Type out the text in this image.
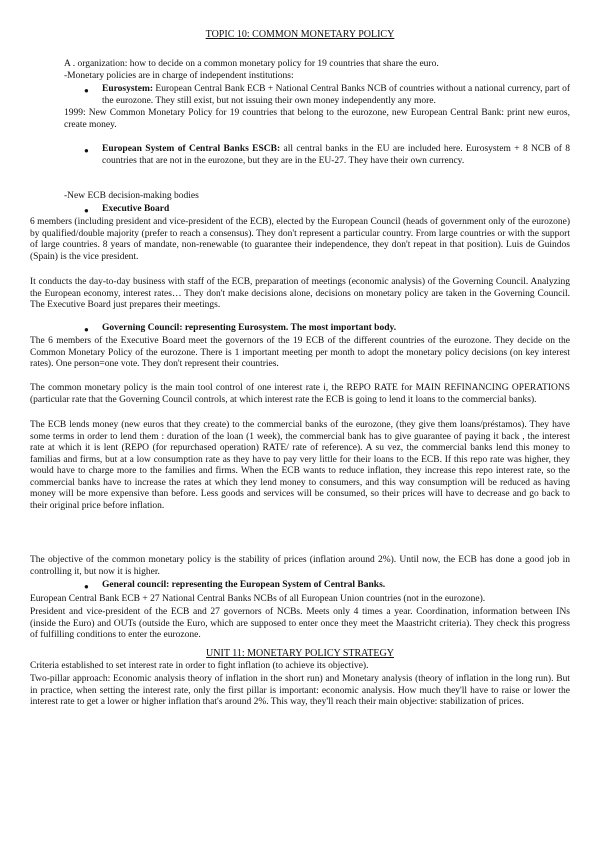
TOPIC 10: COMMON MONETARY POLICY

A . organization: how to decide on a common monetary policy for 19 countries that share the euro.

-Monetary policies are in charge of independent institutions:

●	Eurosystem: European Central Bank ECB + National Central Banks NCB of countries without a national currency, part of the eurozone. They still exist, but not issuing their own money independently any more.

1999: New Common Monetary Policy for 19 countries that belong to the eurozone, new European Central Bank: print new euros, create money.

●	European System of Central Banks ESCB: all central banks in the EU are included here. Eurosystem + 8 NCB of 8 countries that are not in the eurozone, but they are in the EU-27. They have their own currency.

-New ECB decision-making bodies

●	Executive Board

6 members (including president and vice-president of the ECB), elected by the European Council (heads of government only of the eurozone) by qualified/double majority (prefer to reach a consensus). They don't represent a particular country. From large countries or with the support of large countries. 8 years of mandate, non-renewable (to guarantee their independence, they don't repeat in that position). Luis de Guindos (Spain) is the vice president.

It conducts the day-to-day business with staff of the ECB, preparation of meetings (economic analysis) of the Governing Council. Analyzing the European economy, interest rates… They don't make decisions alone, decisions on monetary policy are taken in the Governing Council. The Executive Board just prepares their meetings.

●	Governing Council: representing Eurosystem. The most important body.

The 6 members of the Executive Board meet the governors of the 19 ECB of the different countries of the eurozone. They decide on the Common Monetary Policy of the eurozone. There is 1 important meeting per month to adopt the monetary policy decisions (on key interest rates). One person=one vote. They don't represent their countries.

The common monetary policy is the main tool control of one interest rate i, the REPO RATE for MAIN REFINANCING OPERATIONS (particular rate that the Governing Council controls, at which interest rate the ECB is going to lend it loans to the commercial banks).

The ECB lends money (new euros that they create) to the commercial banks of the eurozone, (they give them loans/préstamos). They have some terms in order to lend them : duration of the loan (1 week), the commercial bank has to give guarantee of paying it back , the interest rate at which it is lent (REPO (for repurchased operation) RATE/ rate of reference). A su vez, the commercial banks lend this money to familias and firms, but at a low consumption rate as they have to pay very little for their loans to the ECB. If this repo rate was higher, they would have to charge more to the families and firms. When the ECB wants to reduce inflation, they increase this repo interest rate, so the commercial banks have to increase the rates at which they lend money to consumers, and this way consumption will be reduced as having money will be more expensive than before. Less goods and services will be consumed, so their prices will have to decrease and go back to their original price before inflation.

The objective of the common monetary policy is the stability of prices (inflation around 2%). Until now, the ECB has done a good job in controlling it, but now it is higher.

●	General council: representing the European System of Central Banks.

European Central Bank ECB + 27 National Central Banks NCBs of all European Union countries (not in the eurozone).

President and vice-president of the ECB and 27 governors of NCBs. Meets only 4 times a year. Coordination, information between INs (inside the Euro) and OUTs (outside the Euro, which are supposed to enter once they meet the Maastricht criteria). They check this progress of fulfilling conditions to enter the eurozone.

UNIT 11: MONETARY POLICY STRATEGY

Criteria established to set interest rate in order to fight inflation (to achieve its objective).

Two-pillar approach: Economic analysis theory of inflation in the short run) and Monetary analysis (theory of inflation in the long run). But in practice, when setting the interest rate, only the first pillar is important: economic analysis. How much they'll have to raise or lower the interest rate to get a lower or higher inflation that's around 2%. This way, they'll reach their main objective: stabilization of prices.
